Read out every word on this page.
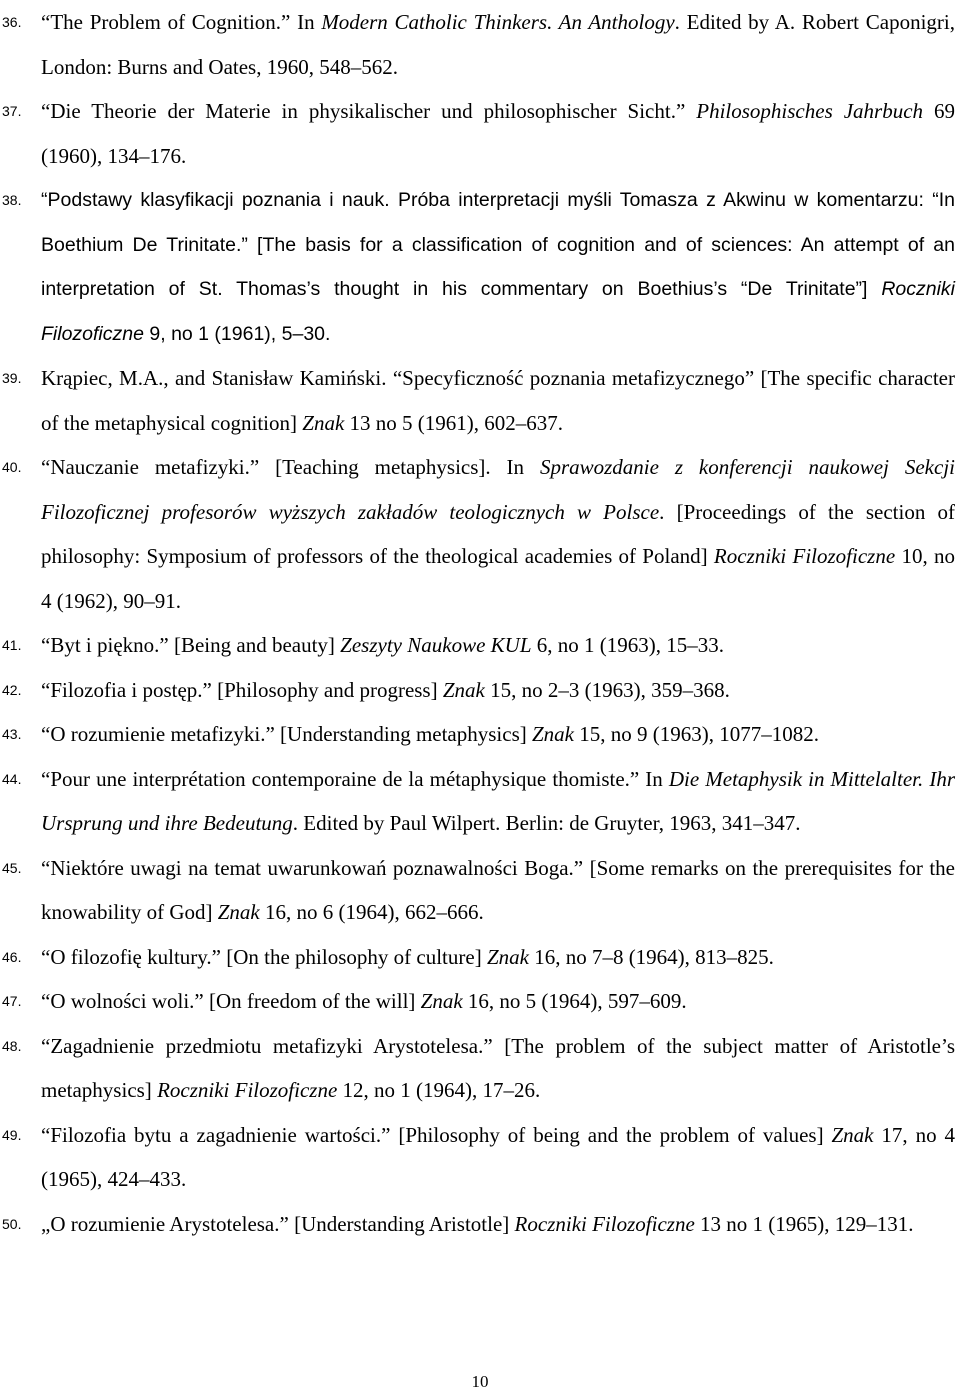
36. “The Problem of Cognition.” In Modern Catholic Thinkers. An Anthology. Edited by A. Robert Caponigri, London: Burns and Oates, 1960, 548–562.
37. “Die Theorie der Materie in physikalischer und philosophischer Sicht.” Philosophisches Jahrbuch 69 (1960), 134–176.
38. “Podstawy klasyfikacji poznania i nauk. Próba interpretacji myśli Tomasza z Akwinu w komentarzu: “In Boethium De Trinitate.” [The basis for a classification of cognition and of sciences: An attempt of an interpretation of St. Thomas’s thought in his commentary on Boethius’s “De Trinitate”] Roczniki Filozoficzne 9, no 1 (1961), 5–30.
39. Krąpiec, M.A., and Stanisław Kamiński. “Specyficzność poznania metafizycznego” [The specific character of the metaphysical cognition] Znak 13 no 5 (1961), 602–637.
40. “Nauczanie metafizyki.” [Teaching metaphysics]. In Sprawozdanie z konferencji naukowej Sekcji Filozoficznej profesorów wyższych zakładów teologicznych w Polsce. [Proceedings of the section of philosophy: Symposium of professors of the theological academies of Poland] Roczniki Filozoficzne 10, no 4 (1962), 90–91.
41. “Byt i piękno.” [Being and beauty] Zeszyty Naukowe KUL 6, no 1 (1963), 15–33.
42. “Filozofia i postęp.” [Philosophy and progress] Znak 15, no 2–3 (1963), 359–368.
43. “O rozumienie metafizyki.” [Understanding metaphysics] Znak 15, no 9 (1963), 1077–1082.
44. “Pour une interprétation contemporaine de la métaphysique thomiste.” In Die Metaphysik in Mittelalter. Ihr Ursprung und ihre Bedeutung. Edited by Paul Wilpert. Berlin: de Gruyter, 1963, 341–347.
45. “Niektóre uwagi na temat uwarunkowań poznawalności Boga.” [Some remarks on the prerequisites for the knowability of God] Znak 16, no 6 (1964), 662–666.
46. “O filozofię kultury.” [On the philosophy of culture] Znak 16, no 7–8 (1964), 813–825.
47. “O wolności woli.” [On freedom of the will] Znak 16, no 5 (1964), 597–609.
48. “Zagadnienie przedmiotu metafizyki Arystotelesa.” [The problem of the subject matter of Aristotle’s metaphysics] Roczniki Filozoficzne 12, no 1 (1964), 17–26.
49. “Filozofia bytu a zagadnienie wartości.” [Philosophy of being and the problem of values] Znak 17, no 4 (1965), 424–433.
50. „O rozumienie Arystotelesa.” [Understanding Aristotle] Roczniki Filozoficzne 13 no 1 (1965), 129–131.
10
